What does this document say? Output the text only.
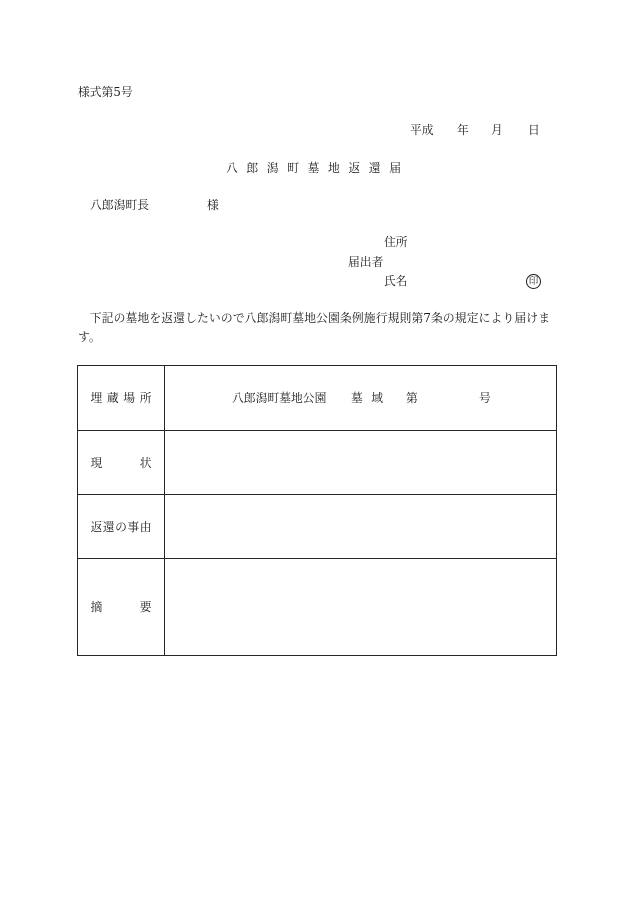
様式第5号
平成 年 月 日
八郎潟町墓地返還届
八郎潟町長	様
住所
届出者
氏名	印

下記の墓地を返還したいので八郎潟町墓地公園条例施行規則第7条の規定により届けます。

埋蔵場所	八郎潟町墓地公園 墓域 第	号
現状
返還の事由
摘要
